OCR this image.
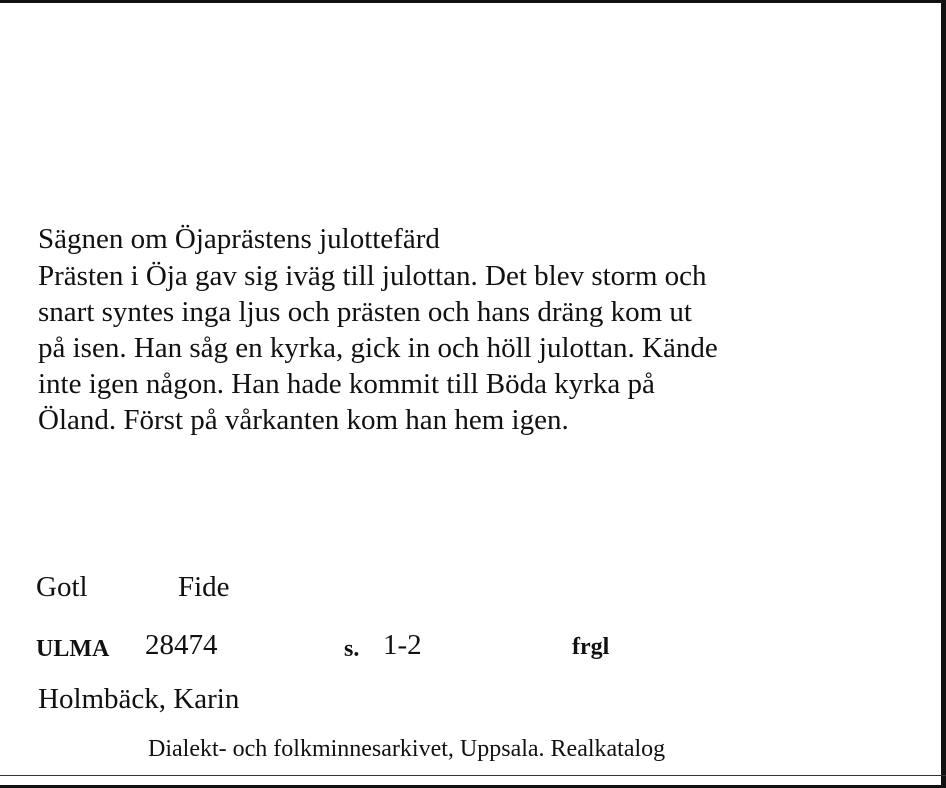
Sägnen om Öjaprästens julottefärd
Prästen i Öja gav sig iväg till julottan. Det blev storm och
snart syntes inga ljus och prästen och hans dräng kom ut
på isen. Han såg en kyrka, gick in och höll julottan. Kände
inte igen någon. Han hade kommit till Böda kyrka på
Öland. Först på vårkanten kom han hem igen.
Gotl	Fide
ULMA 28474	s. 1-2	frgl
Holmbäck, Karin
Dialekt- och folkminnesarkivet, Uppsala. Realkatalog
